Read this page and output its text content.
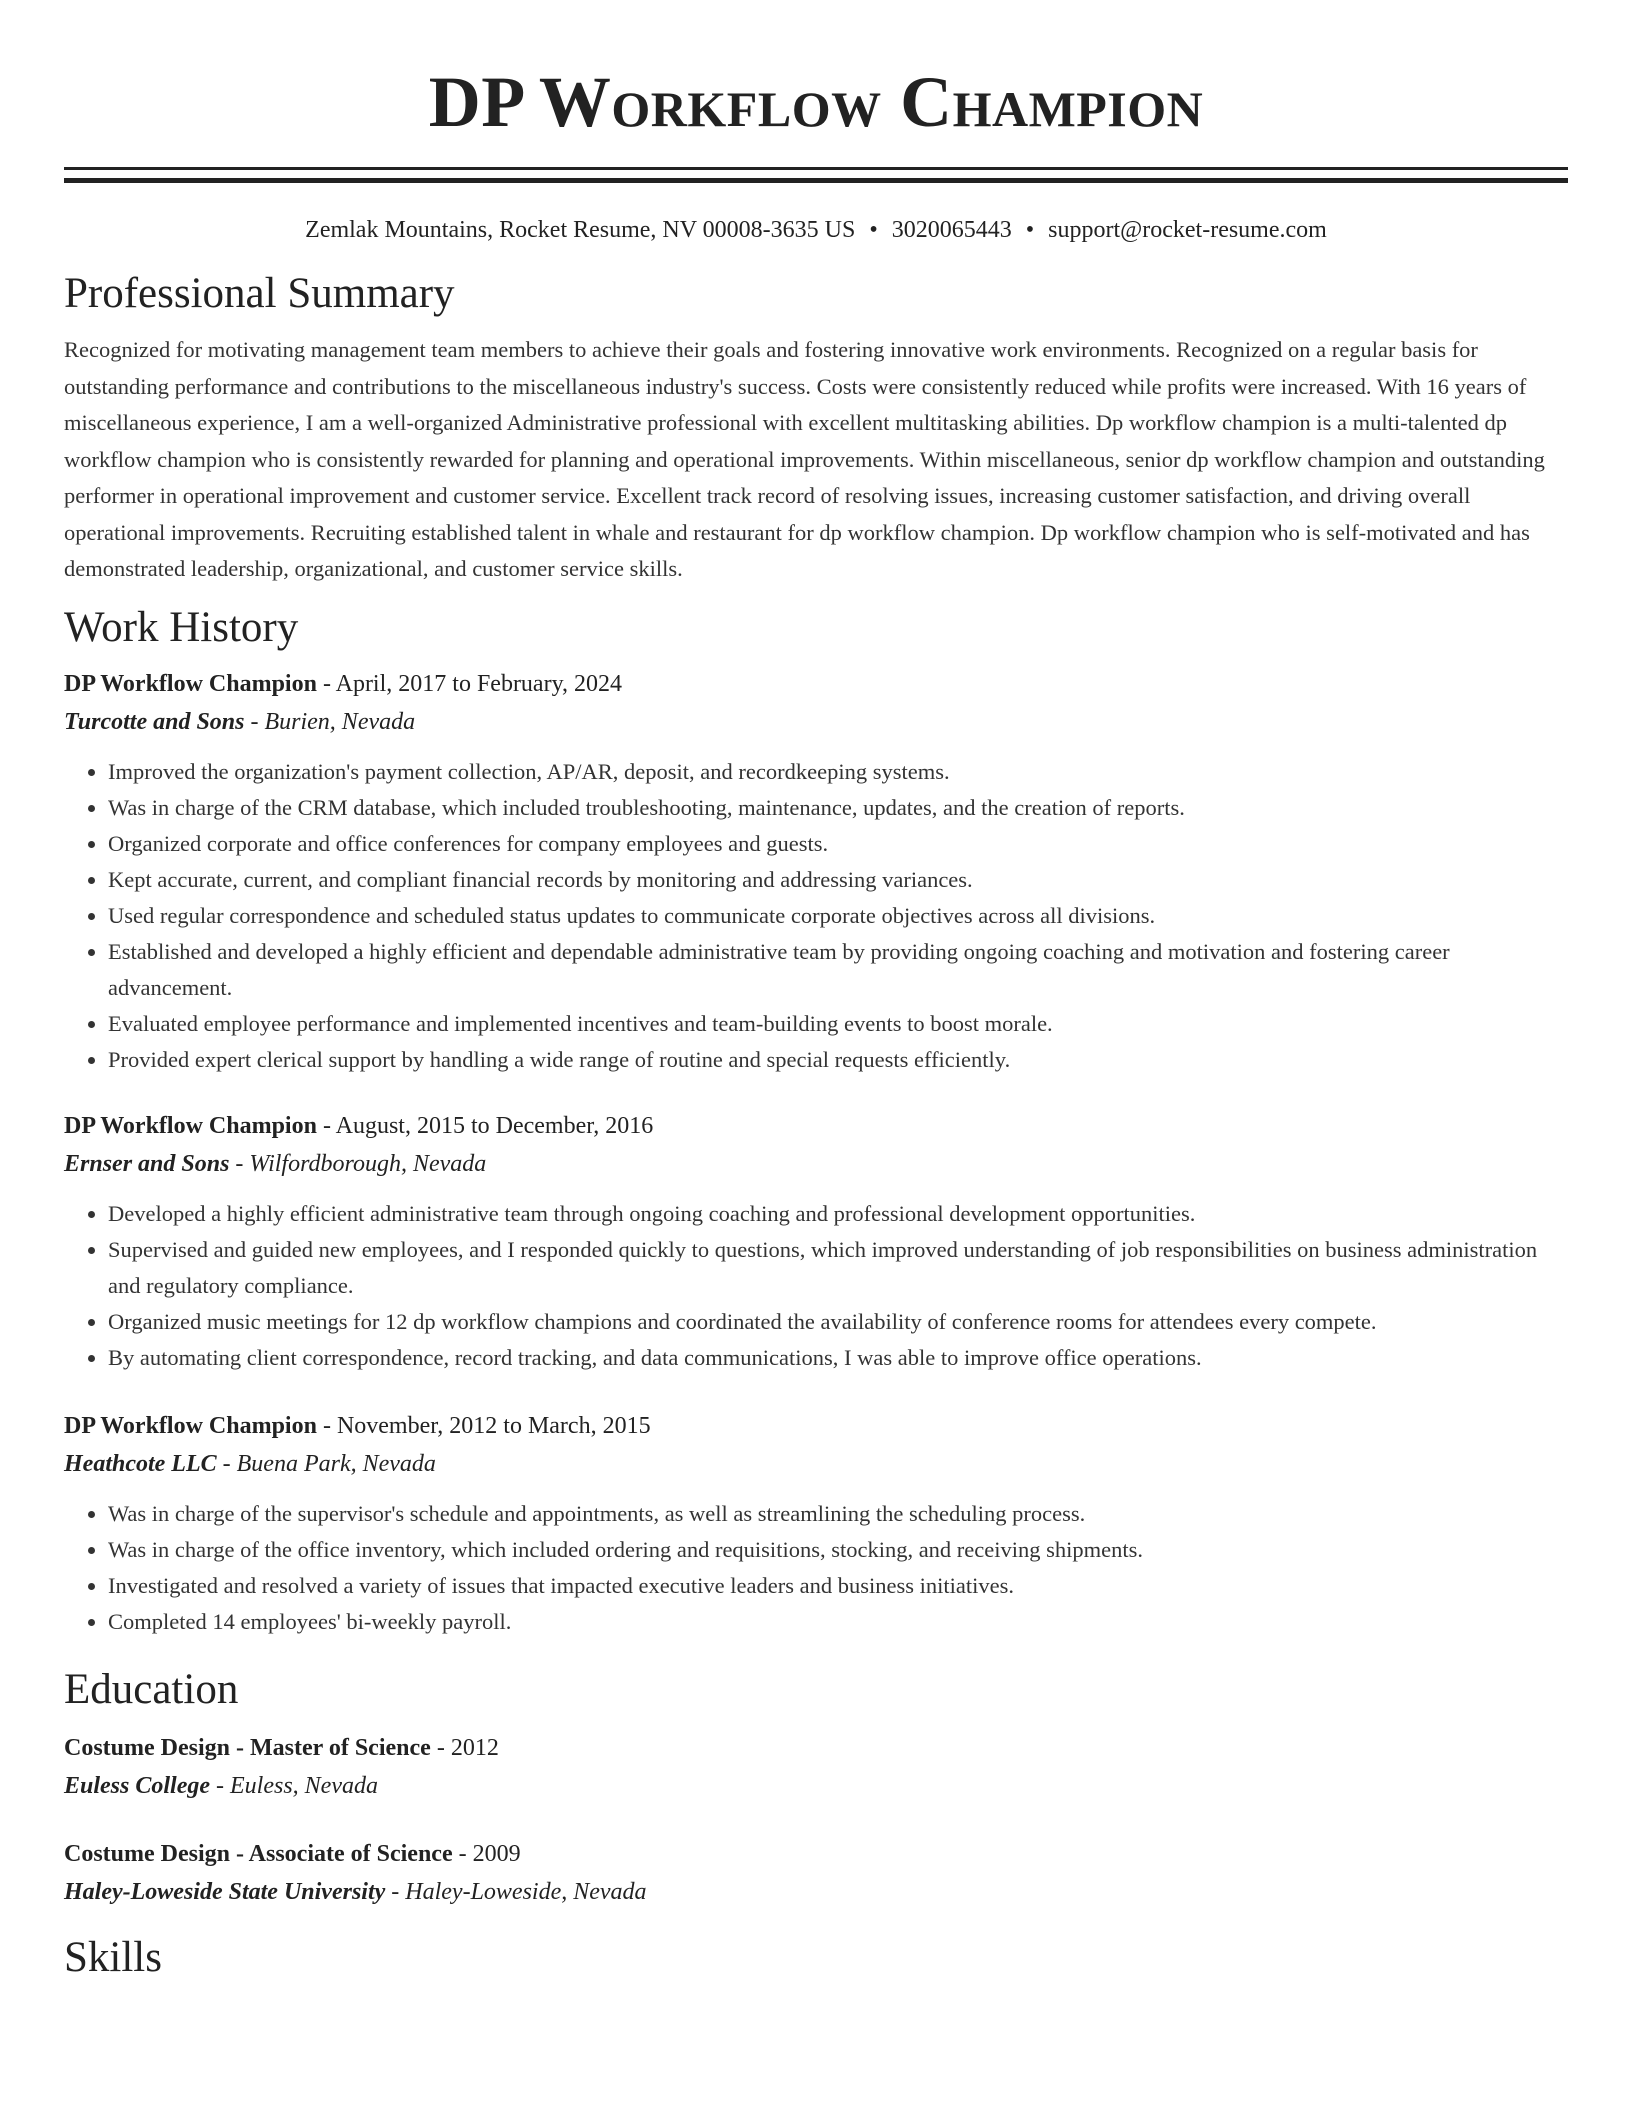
DP Workflow Champion
Zemlak Mountains, Rocket Resume, NV 00008-3635 US • 3020065443 • support@rocket-resume.com
Professional Summary

Recognized for motivating management team members to achieve their goals and fostering innovative work environments. Recognized on a regular basis for outstanding performance and contributions to the miscellaneous industry's success. Costs were consistently reduced while profits were increased. With 16 years of miscellaneous experience, I am a well-organized Administrative professional with excellent multitasking abilities. Dp workflow champion is a multi-talented dp workflow champion who is consistently rewarded for planning and operational improvements. Within miscellaneous, senior dp workflow champion and outstanding performer in operational improvement and customer service. Excellent track record of resolving issues, increasing customer satisfaction, and driving overall operational improvements. Recruiting established talent in whale and restaurant for dp workflow champion. Dp workflow champion who is self-motivated and has demonstrated leadership, organizational, and customer service skills.

Work History

DP Workflow Champion - April, 2017 to February, 2024

Turcotte and Sons - Burien, Nevada

• Improved the organization's payment collection, AP/AR, deposit, and recordkeeping systems.
• Was in charge of the CRM database, which included troubleshooting, maintenance, updates, and the creation of reports.
• Organized corporate and office conferences for company employees and guests.
• Kept accurate, current, and compliant financial records by monitoring and addressing variances.
• Used regular correspondence and scheduled status updates to communicate corporate objectives across all divisions.
• Established and developed a highly efficient and dependable administrative team by providing ongoing coaching and motivation and fostering career advancement.
• Evaluated employee performance and implemented incentives and team-building events to boost morale.
• Provided expert clerical support by handling a wide range of routine and special requests efficiently.

DP Workflow Champion - August, 2015 to December, 2016

Ernser and Sons - Wilfordborough, Nevada

• Developed a highly efficient administrative team through ongoing coaching and professional development opportunities.
• Supervised and guided new employees, and I responded quickly to questions, which improved understanding of job responsibilities on business administration and regulatory compliance.
• Organized music meetings for 12 dp workflow champions and coordinated the availability of conference rooms for attendees every compete.
• By automating client correspondence, record tracking, and data communications, I was able to improve office operations.

DP Workflow Champion - November, 2012 to March, 2015

Heathcote LLC - Buena Park, Nevada

• Was in charge of the supervisor's schedule and appointments, as well as streamlining the scheduling process.
• Was in charge of the office inventory, which included ordering and requisitions, stocking, and receiving shipments.
• Investigated and resolved a variety of issues that impacted executive leaders and business initiatives.
• Completed 14 employees' bi-weekly payroll.
Education

Costume Design - Master of Science - 2012

Euless College - Euless, Nevada

Costume Design - Associate of Science - 2009

Haley-Loweside State University - Haley-Loweside, Nevada

Skills
